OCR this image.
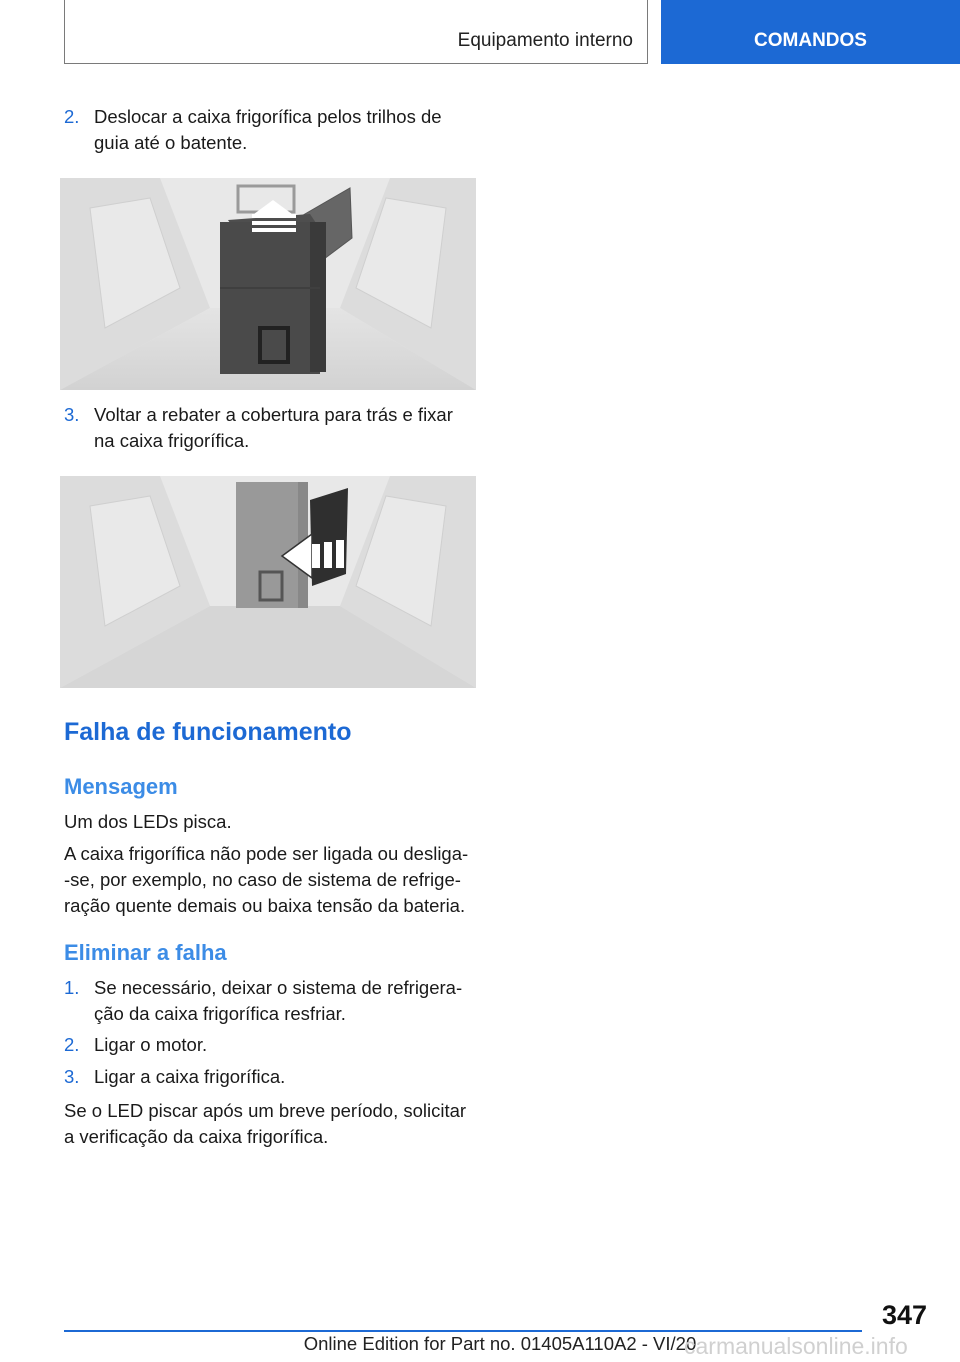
Equipamento interno	COMANDOS
2. Deslocar a caixa frigorífica pelos trilhos de guia até o batente.
3. Voltar a rebater a cobertura para trás e fixar na caixa frigorífica.
Falha de funcionamento
Mensagem
Um dos LEDs pisca.
A caixa frigorífica não pode ser ligada ou desliga- -se, por exemplo, no caso de sistema de refrige- ração quente demais ou baixa tensão da bateria.
Eliminar a falha
1. Se necessário, deixar o sistema de refrigera- ção da caixa frigorífica resfriar.
2. Ligar o motor.
3. Ligar a caixa frigorífica.
Se o LED piscar após um breve período, solicitar a verificação da caixa frigorífica.
347
Online Edition for Part no. 01405A110A2 - VI/20
carmanualsonline.info
